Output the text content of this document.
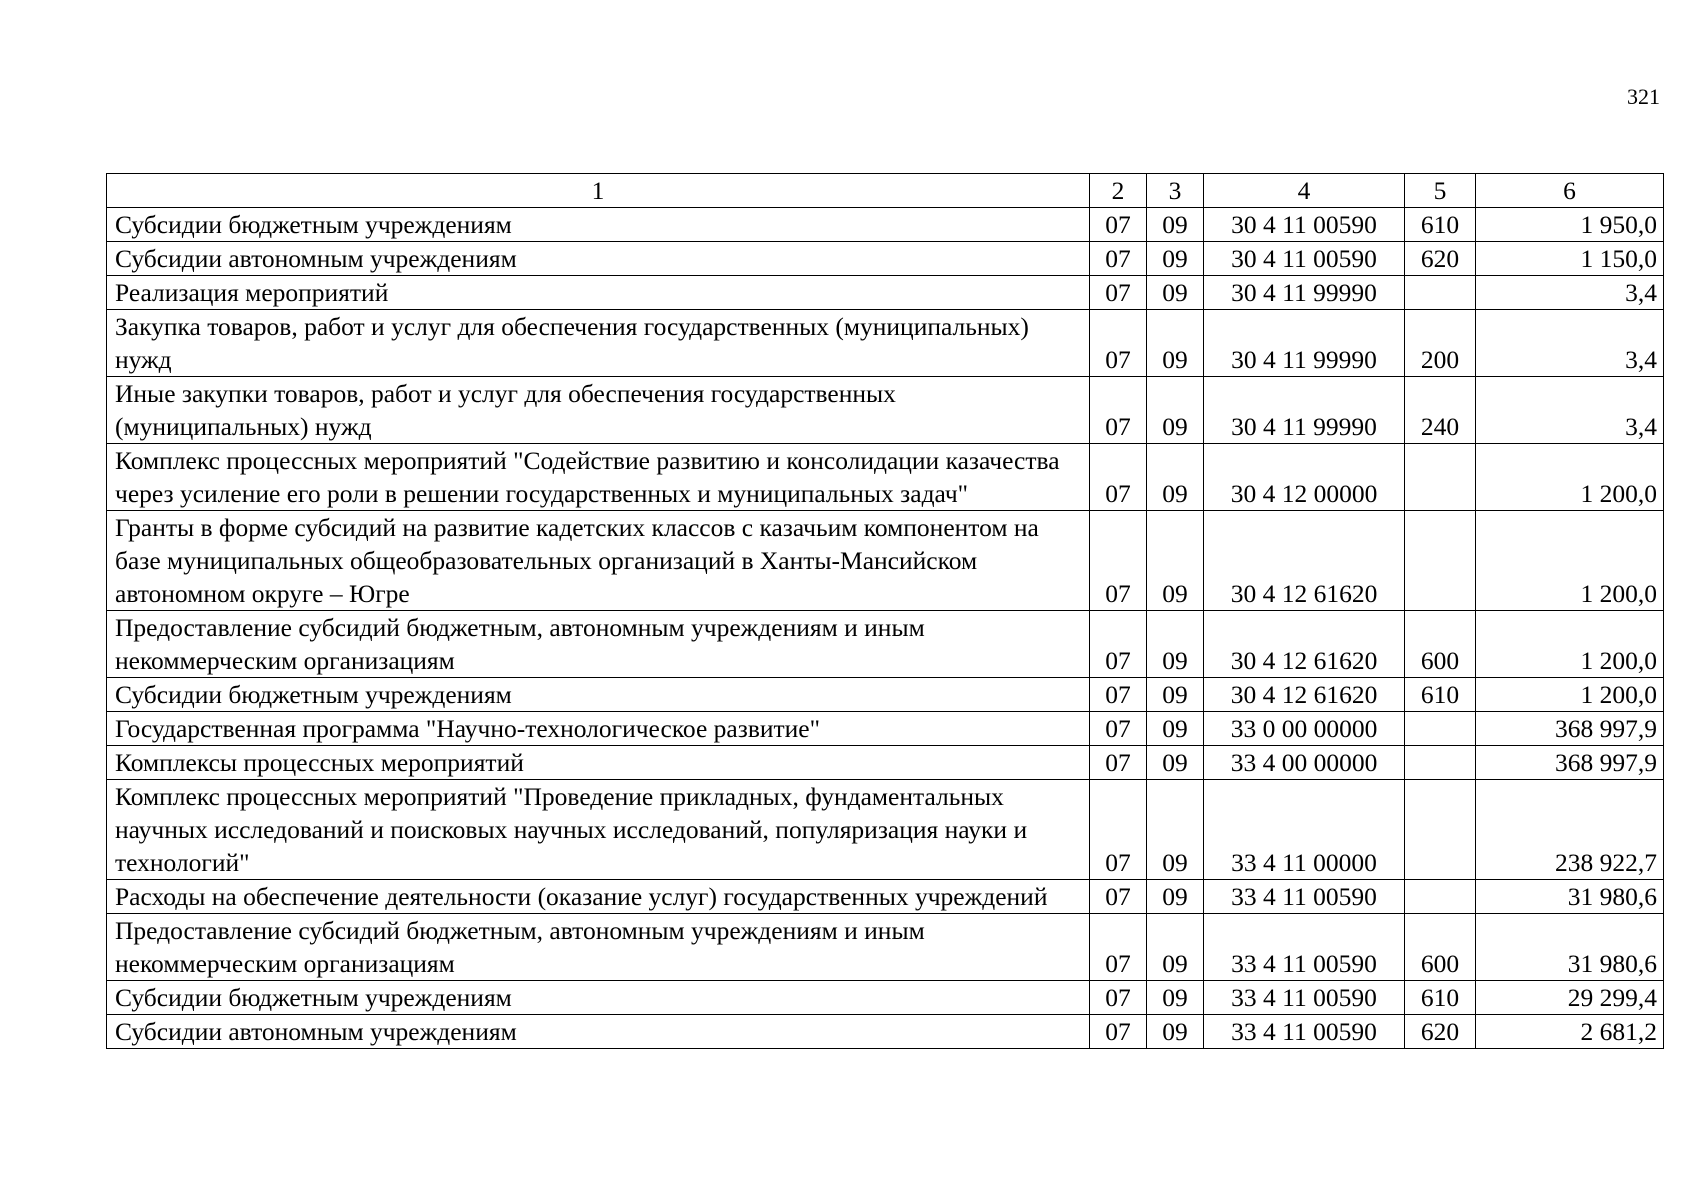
321
1	2	3	4	5	6
Субсидии бюджетным учреждениям	07	09	30 4 11 00590	610	1 950,0
Субсидии автономным учреждениям	07	09	30 4 11 00590	620	1 150,0
Реализация мероприятий	07	09	30 4 11 99990		3,4
Закупка товаров, работ и услуг для обеспечения государственных (муниципальных) нужд	07	09	30 4 11 99990	200	3,4
Иные закупки товаров, работ и услуг для обеспечения государственных (муниципальных) нужд	07	09	30 4 11 99990	240	3,4
Комплекс процессных мероприятий "Содействие развитию и консолидации казачества через усиление его роли в решении государственных и муниципальных задач"	07	09	30 4 12 00000		1 200,0
Гранты в форме субсидий на развитие кадетских классов с казачьим компонентом на базе муниципальных общеобразовательных организаций в Ханты-Мансийском автономном округе – Югре	07	09	30 4 12 61620		1 200,0
Предоставление субсидий бюджетным, автономным учреждениям и иным некоммерческим организациям	07	09	30 4 12 61620	600	1 200,0
Субсидии бюджетным учреждениям	07	09	30 4 12 61620	610	1 200,0
Государственная программа "Научно-технологическое развитие"	07	09	33 0 00 00000		368 997,9
Комплексы процессных мероприятий	07	09	33 4 00 00000		368 997,9
Комплекс процессных мероприятий "Проведение прикладных, фундаментальных научных исследований и поисковых научных исследований, популяризация науки и технологий"	07	09	33 4 11 00000		238 922,7
Расходы на обеспечение деятельности (оказание услуг) государственных учреждений	07	09	33 4 11 00590		31 980,6
Предоставление субсидий бюджетным, автономным учреждениям и иным некоммерческим организациям	07	09	33 4 11 00590	600	31 980,6
Субсидии бюджетным учреждениям	07	09	33 4 11 00590	610	29 299,4
Субсидии автономным учреждениям	07	09	33 4 11 00590	620	2 681,2
